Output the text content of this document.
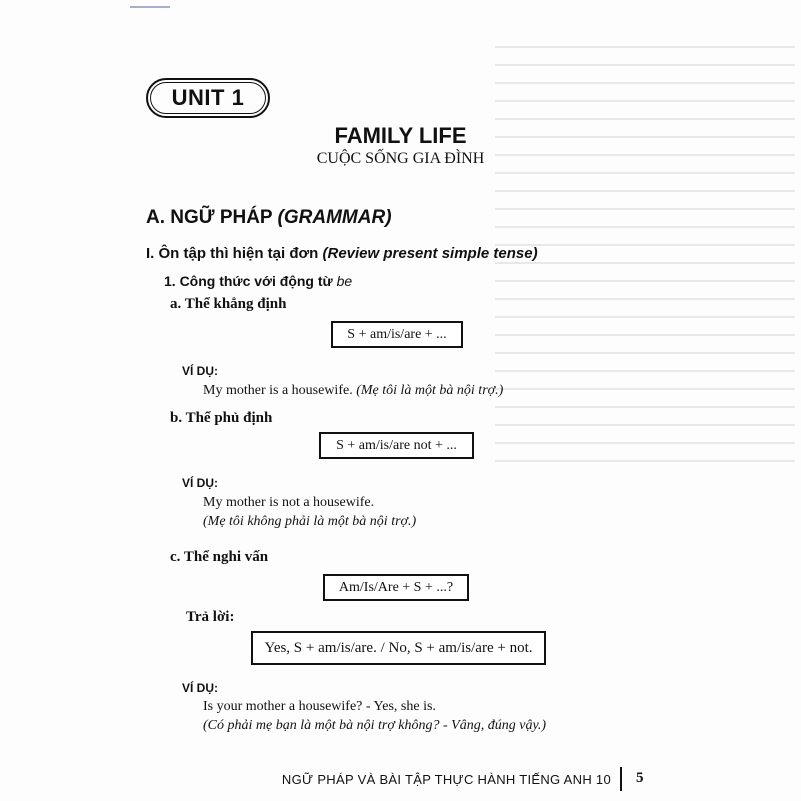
UNIT 1
FAMILY LIFE
CUỘC SỐNG GIA ĐÌNH
A. NGỮ PHÁP (GRAMMAR)
I. Ôn tập thì hiện tại đơn (Review present simple tense)
1. Công thức với động từ be
a. Thể khẳng định
S + am/is/are + ...
VÍ DỤ:
My mother is a housewife. (Mẹ tôi là một bà nội trợ.)
b. Thể phủ định
S + am/is/are not + ...
VÍ DỤ:
My mother is not a housewife.
(Mẹ tôi không phải là một bà nội trợ.)
c. Thể nghi vấn
Am/Is/Are + S + ...?
Trả lời:
Yes, S + am/is/are. / No, S + am/is/are + not.
VÍ DỤ:
Is your mother a housewife? - Yes, she is.
(Có phải mẹ bạn là một bà nội trợ không? - Vâng, đúng vậy.)
NGỮ PHÁP VÀ BÀI TẬP THỰC HÀNH TIẾNG ANH 10 5
